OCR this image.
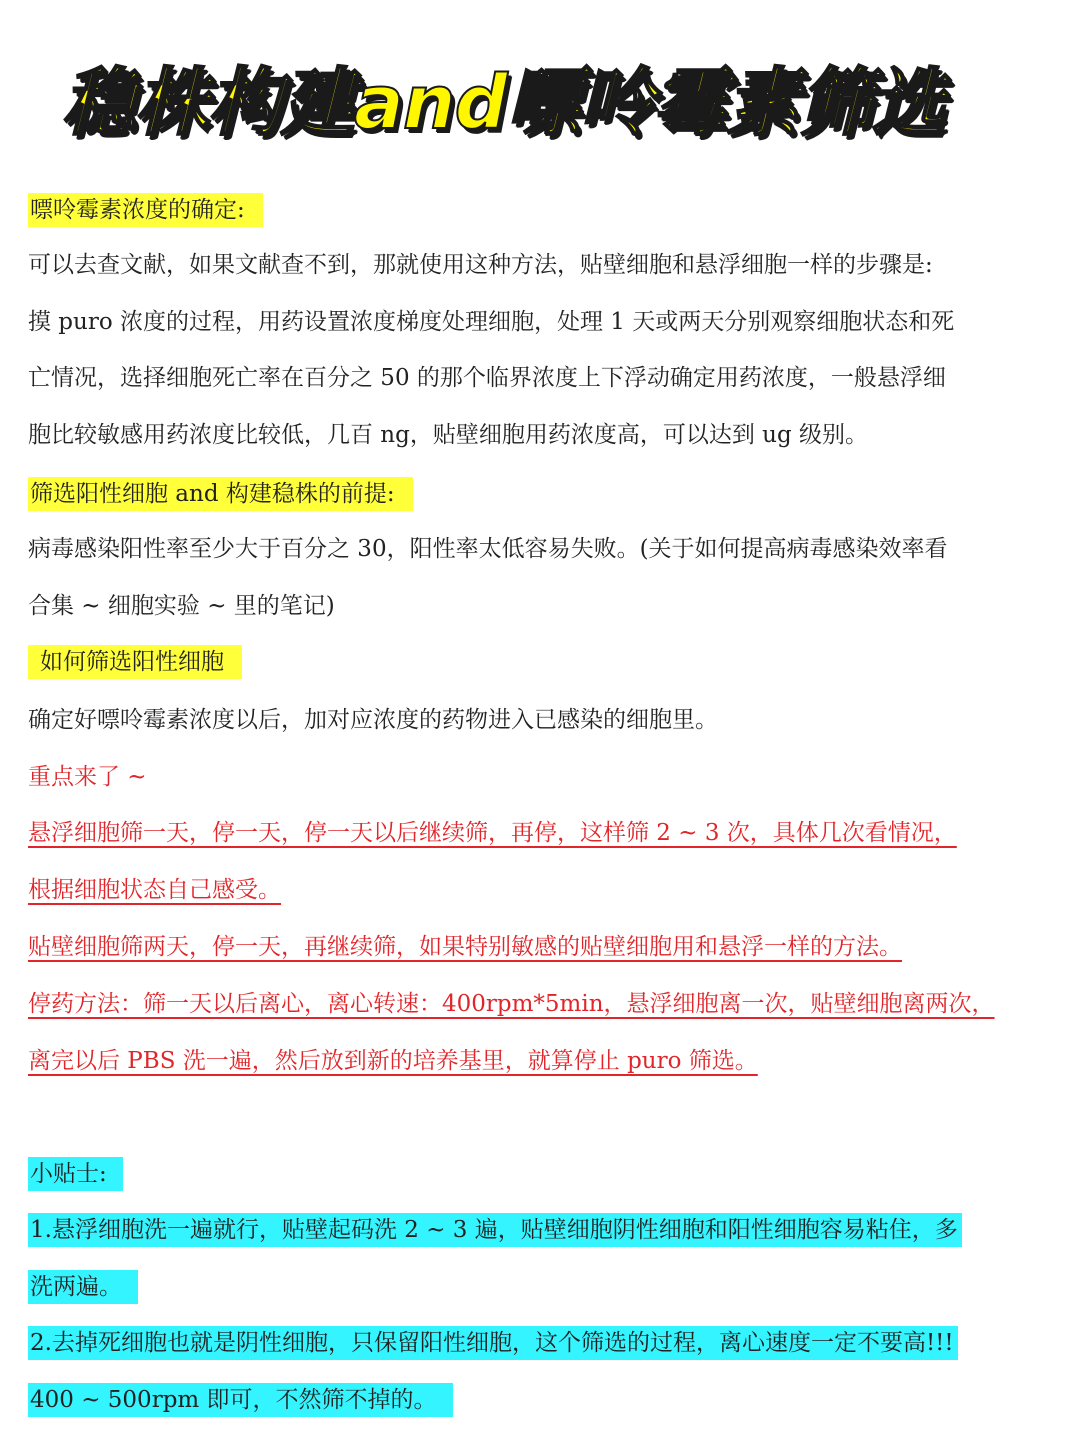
稳株构建and嘌呤霉素筛选
嘌呤霉素浓度的确定:
可以去查文献，如果文献查不到，那就使用这种方法，贴壁细胞和悬浮细胞一样的步骤是:
摸 puro 浓度的过程，用药设置浓度梯度处理细胞，处理 1 天或两天分别观察细胞状态和死
亡情况，选择细胞死亡率在百分之 50 的那个临界浓度上下浮动确定用药浓度，一般悬浮细
胞比较敏感用药浓度比较低，几百 ng，贴壁细胞用药浓度高，可以达到 ug 级别。
筛选阳性细胞 and 构建稳株的前提:
病毒感染阳性率至少大于百分之 30，阳性率太低容易失败。(关于如何提高病毒感染效率看
合集 ~ 细胞实验 ~ 里的笔记)
如何筛选阳性细胞
确定好嘌呤霉素浓度以后，加对应浓度的药物进入已感染的细胞里。
重点来了 ~
悬浮细胞筛一天，停一天，停一天以后继续筛，再停，这样筛 2 ~ 3 次，具体几次看情况，
根据细胞状态自己感受。
贴壁细胞筛两天，停一天，再继续筛，如果特别敏感的贴壁细胞用和悬浮一样的方法。
停药方法：筛一天以后离心，离心转速：400rpm*5min，悬浮细胞离一次，贴壁细胞离两次，
离完以后 PBS 洗一遍，然后放到新的培养基里，就算停止 puro 筛选。
小贴士:
1.悬浮细胞洗一遍就行，贴壁起码洗 2 ~ 3 遍，贴壁细胞阴性细胞和阳性细胞容易粘住，多
洗两遍。
2.去掉死细胞也就是阴性细胞，只保留阳性细胞，这个筛选的过程，离心速度一定不要高!!!
400 ~ 500rpm 即可，不然筛不掉的。
